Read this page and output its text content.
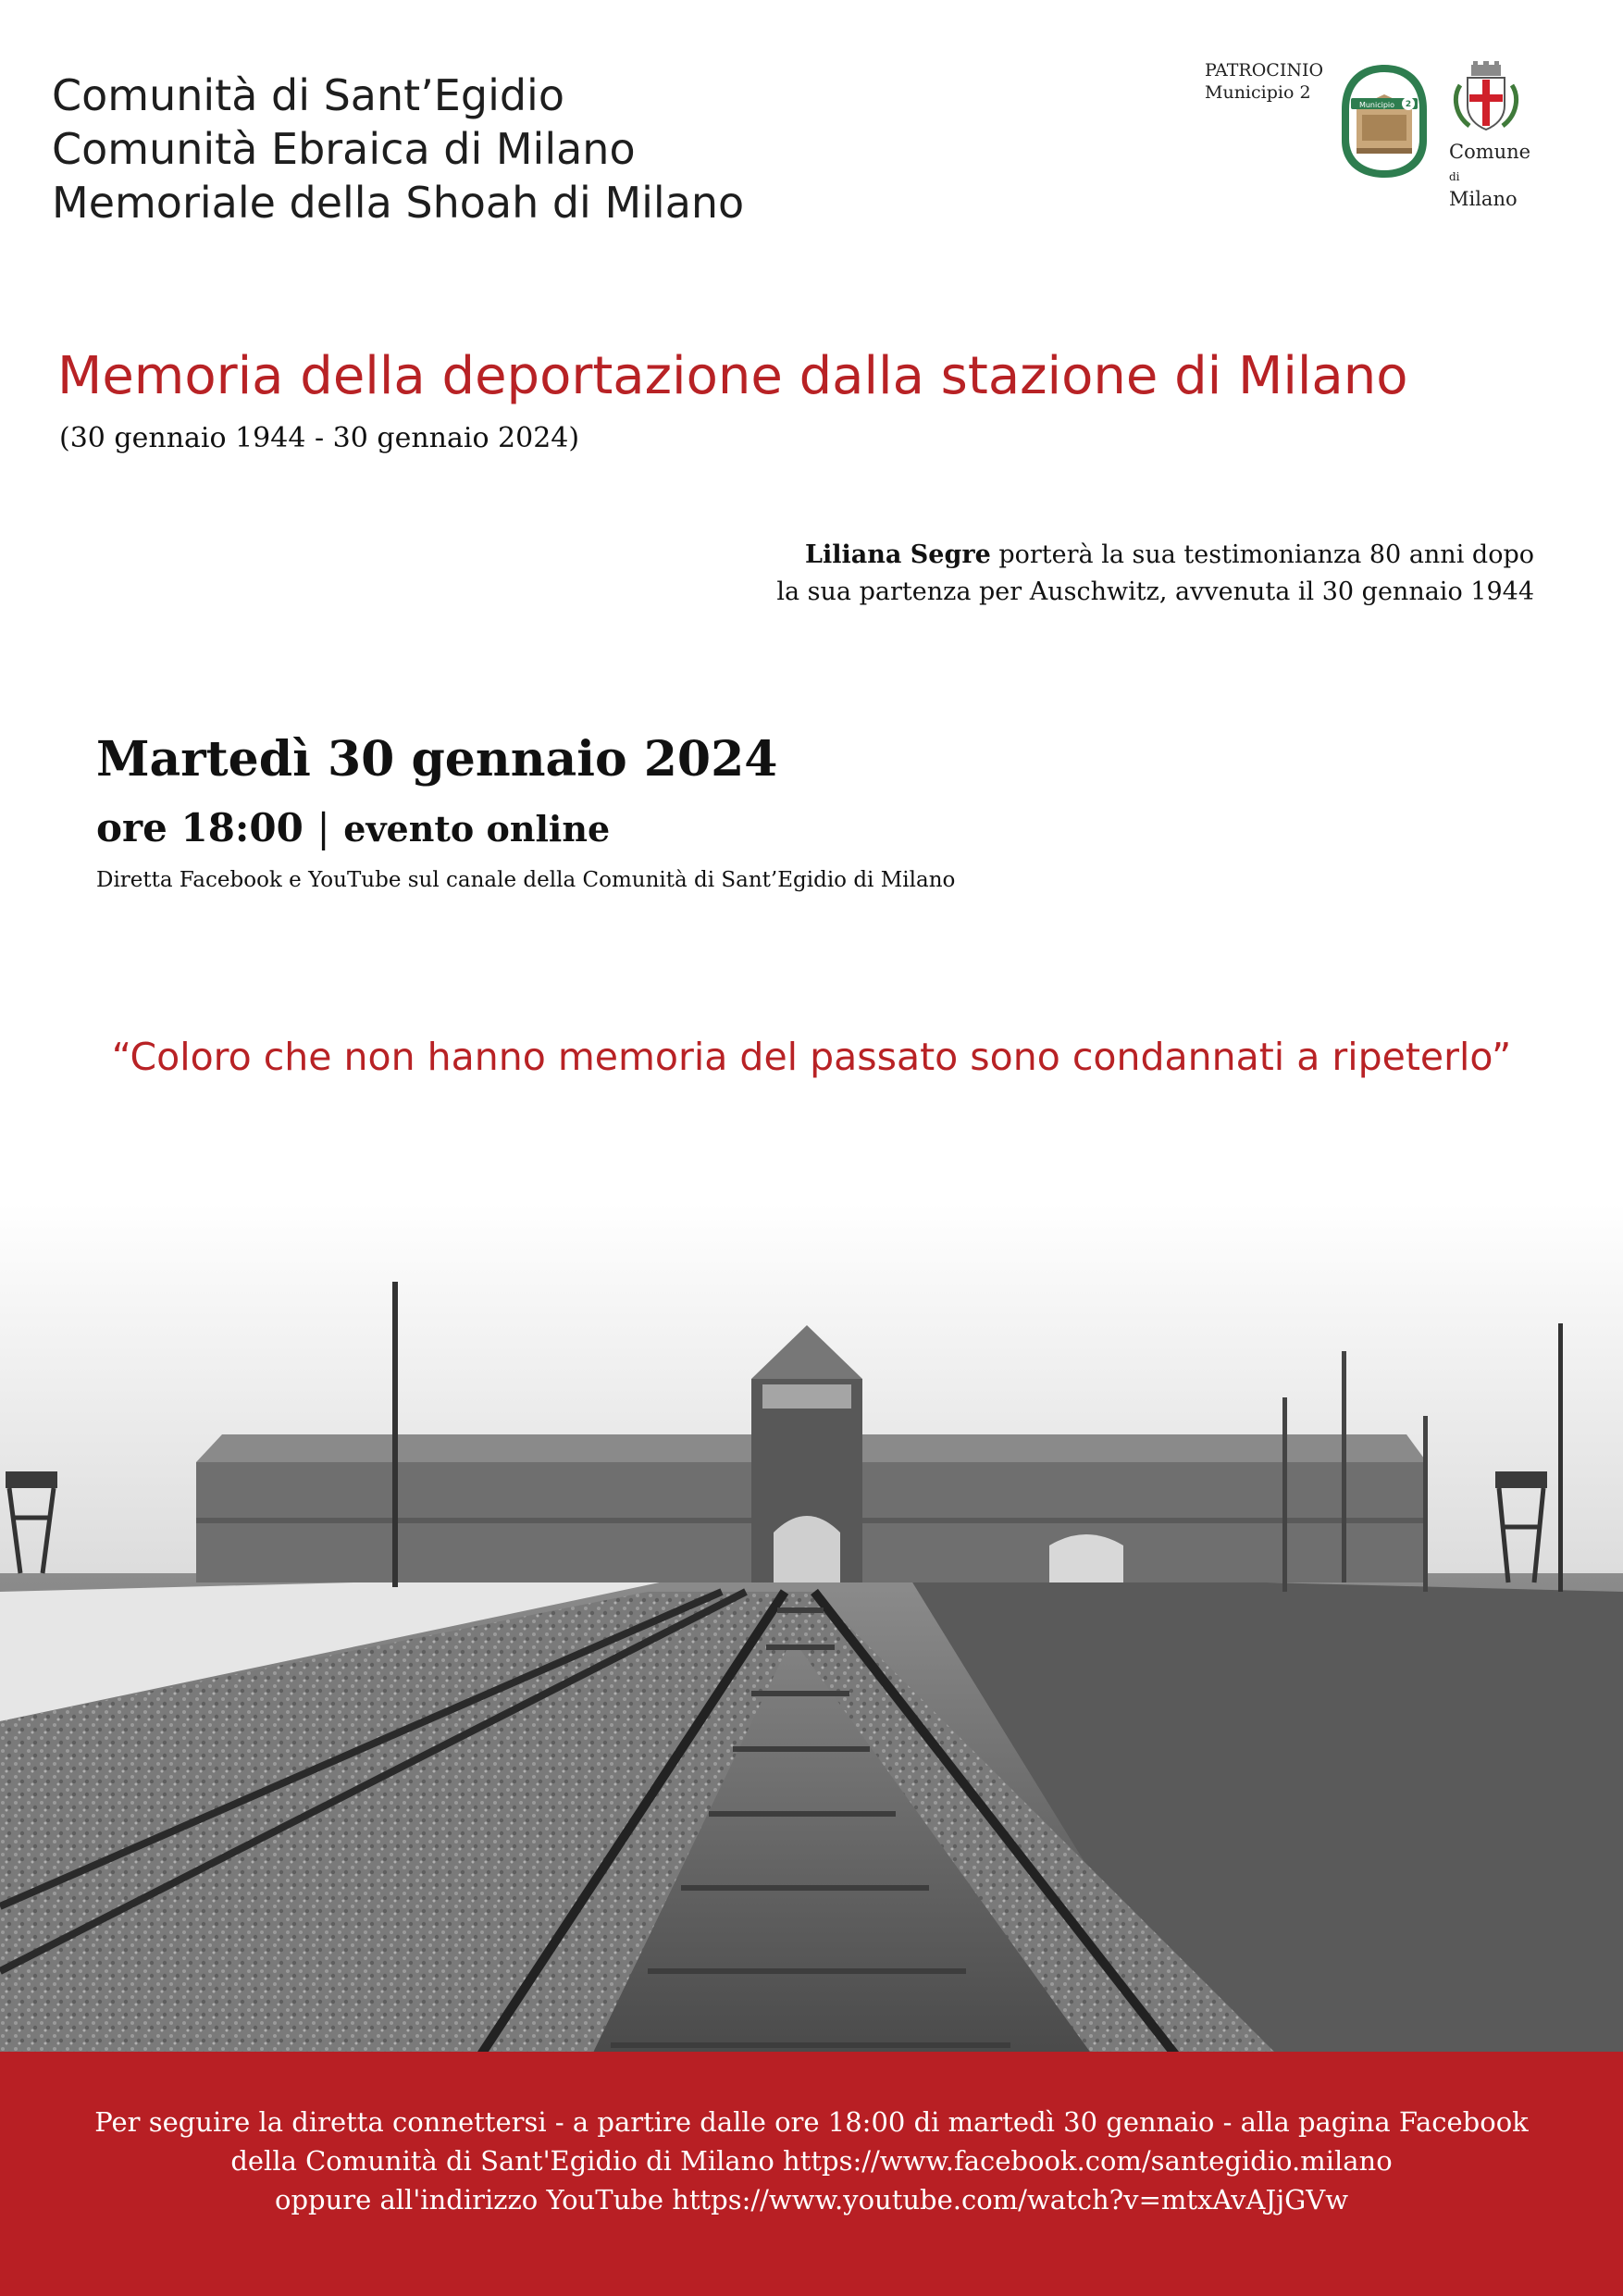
Comunità di Sant’Egidio
Comunità Ebraica di Milano
Memoriale della Shoah di Milano
PATROCINIO
Municipio 2
Municipio 2
Comune di
Milano
Memoria della deportazione dalla stazione di Milano
(30 gennaio 1944 - 30 gennaio 2024)
Liliana Segre porterà la sua testimonianza 80 anni dopo
la sua partenza per Auschwitz, avvenuta il 30 gennaio 1944
Martedì 30 gennaio 2024
ore 18:00 | evento online
Diretta Facebook e YouTube sul canale della Comunità di Sant’Egidio di Milano
“Coloro che non hanno memoria del passato sono condannati a ripeterlo”
Per seguire la diretta connettersi - a partire dalle ore 18:00 di martedì 30 gennaio - alla pagina Facebook
della Comunità di Sant'Egidio di Milano https://www.facebook.com/santegidio.milano
oppure all'indirizzo YouTube https://www.youtube.com/watch?v=mtxAvAJjGVw
